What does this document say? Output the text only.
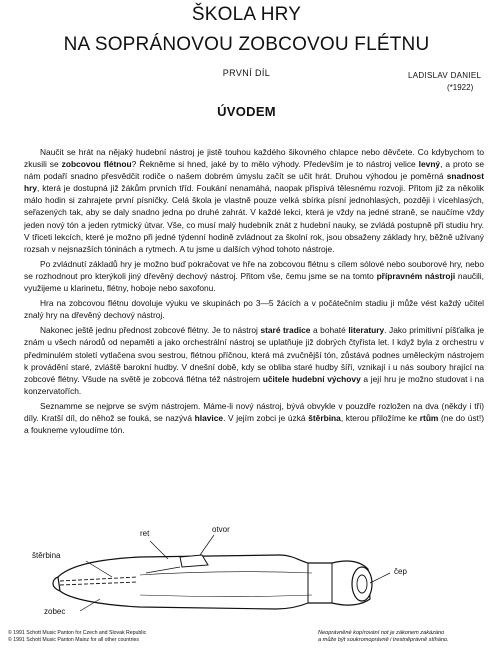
ŠKOLA HRY
NA SOPRÁNOVOU ZOBCOVOU FLÉTNU
PRVNÍ DÍL	LADISLAV DANIEL
(*1922)
ÚVODEM

Naučit se hrát na nějaký hudební nástroj je jistě touhou každého šikovného chlapce nebo děvčete. Co kdybychom to zkusili se zobcovou flétnou? Řekněme si hned, jaké by to mělo výhody. Především je to nástroj velice levný, a proto se nám podaří snadno přesvědčit rodiče o našem dobrém úmyslu začít se učit hrát. Druhou výhodou je poměrná snadnost hry, která je dostupná již žákům prvních tříd. Foukání nenamáhá, naopak přispívá tělesnému rozvoji. Přitom již za několik málo hodin si zahrajete první písničky. Celá škola je vlastně pouze velká sbírka písní jednohlasých, později i vícehlasých, seřazených tak, aby se daly snadno jedna po druhé zahrát. V každé lekci, která je vždy na jedné straně, se naučíme vždy jeden nový tón a jeden rytmický útvar. Vše, co musí malý hudebník znát z hudební nauky, se zvládá postupně při studiu hry. V třiceti lekcích, které je možno při jedné týdenní hodině zvládnout za školní rok, jsou obsaženy základy hry, běžně užívaný rozsah v nejsnazších tóninách a rytmech. A tu jsme u dalších výhod tohoto nástroje.

Po zvládnutí základů hry je možno buď pokračovat ve hře na zobcovou flétnu s cílem sólové nebo souborové hry, nebo se rozhodnout pro kterýkoli jiný dřevěný dechový nástroj. Přitom vše, čemu jsme se na tomto přípravném nástroji naučili, využijeme u klarinetu, flétny, hoboje nebo saxofonu.

Hra na zobcovou flétnu dovoluje výuku ve skupinách po 3—5 žácích a v počátečním stadiu ji může vést každý učitel znalý hry na dřevěný dechový nástroj.

Nakonec ještě jednu přednost zobcové flétny. Je to nástroj staré tradice a bohaté literatury. Jako primitivní píšťalka je znám u všech národů od nepaměti a jako orchestrální nástroj se uplatňuje již dobrých čtyřista let. I když byla z orchestru v předminulém století vytlačena svou sestrou, flétnou příčnou, která má zvučnější tón, zůstává podnes uměleckým nástrojem k provádění staré, zvláště barokní hudby. V dnešní době, kdy se obliba staré hudby šíří, vznikají i u nás soubory hrající na zobcové flétny. Všude na světě je zobcová flétna též nástrojem učitele hudební výchovy a její hru je možno studovat i na konzervatořích.

Seznamme se nejprve se svým nástrojem. Máme-li nový nástroj, bývá obvykle v pouzdře rozložen na dva (někdy i tři) díly. Kratší díl, do něhož se fouká, se nazývá hlavice. V jejím zobci je úzká štěrbina, kterou přiložíme ke rtům (ne do úst!) a foukneme vyloudíme tón.

ret	otvor
štěrbina
čep
zobec
© 1991 Schott Music Panton for Czech and Slovak Republic
© 1991 Schott Music Panton Mainz for all other countries
Neoprávněné kopírování not je zákonem zakázáno
a může být soukromoprávně i trestněprávně stíháno.
